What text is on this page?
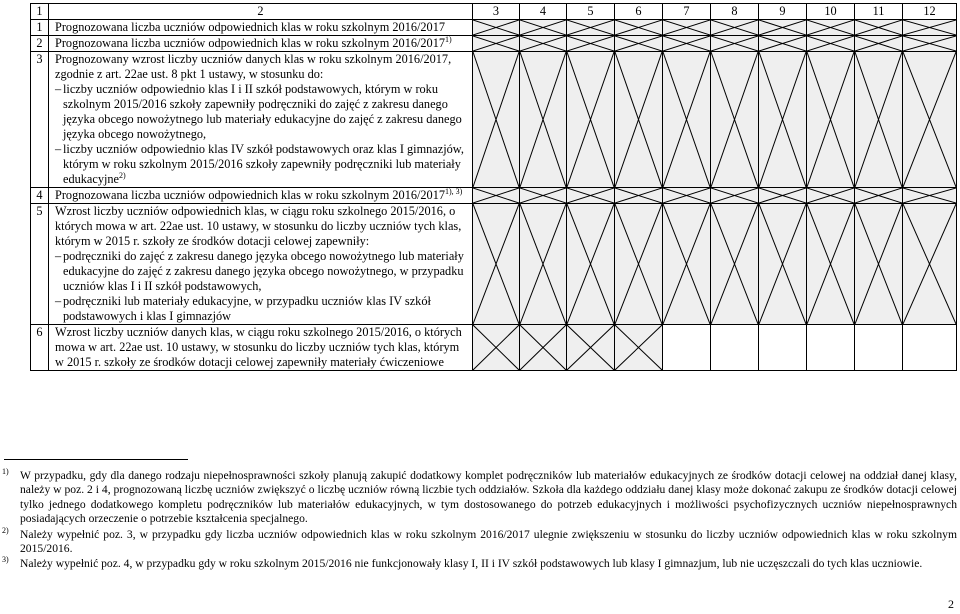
1	2	3	4	5	6	7	8	9	10	11	12
1	Prognozowana liczba uczniów odpowiednich klas w roku szkolnym 2016/2017

2	Prognozowana liczba uczniów odpowiednich klas w roku szkolnym 2016/2017$^{1)}$

3	Prognozowany wzrost liczby uczniów danych klas w roku szkolnym 2016/2017, zgodnie z art. 22ae ust. 8 pkt 1 ustawy, w stosunku do:

– liczby uczniów odpowiednio klas I i II szkół podstawowych, którym w roku szkolnym 2015/2016 szkoły zapewniły podręczniki do zajęć z zakresu danego języka obcego nowożytnego lub materiały edukacyjne do zajęć z zakresu danego języka obcego nowożytnego,
– liczby uczniów odpowiednio klas IV szkół podstawowych oraz klas I gimnazjów, którym w roku szkolnym 2015/2016 szkoły zapewniły podręczniki lub materiały edukacyjne$^{2)}$

4	Prognozowana liczba uczniów odpowiednich klas w roku szkolnym $2016/2017^{1), 3)}$

5	Wzrost liczby uczniów odpowiednich klas, w ciągu roku szkolnego 2015/2016, o których mowa w art. 22ae ust. 10 ustawy, w stosunku do liczby uczniów tych klas, którym w 2015 r. szkoły ze środków dotacji celowej zapewniły:

– podręczniki do zajęć z zakresu danego języka obcego nowożytnego lub materiały edukacyjne do zajęć z zakresu danego języka obcego nowożytnego, w przypadku uczniów klas I i II szkół podstawowych,
– podręczniki lub materiały edukacyjne, w przypadku uczniów klas IV szkół podstawowych i klas I gimnazjów

6	Wzrost liczby uczniów danych klas, w ciągu roku szkolnego 2015/2016, o których mowa w art. 22ae ust. 10 ustawy, w stosunku do liczby uczniów tych klas, którym w 2015 r. szkoły ze środków dotacji celowej zapewniły materiały ćwiczeniowe

1) W przypadku, gdy dla danego rodzaju niepełnosprawności szkoły planują zakupić dodatkowy komplet podręczników lub materiałów edukacyjnych ze środków dotacji celowej na oddział danej klasy, należy w poz. 2 i 4, prognozowaną liczbę uczniów zwiększyć o liczbę uczniów równą liczbie tych oddziałów. Szkoła dla każdego oddziału danej klasy może dokonać zakupu ze środków dotacji celowej tylko jednego dodatkowego kompletu podręczników lub materiałów edukacyjnych, w tym dostosowanego do potrzeb edukacyjnych i możliwości psychofizycznych uczniów niepełnosprawnych posiadających orzeczenie o potrzebie kształcenia specjalnego.
2) Należy wypełnić poz. 3, w przypadku gdy liczba uczniów odpowiednich klas w roku szkolnym 2016/2017 ulegnie zwiększeniu w stosunku do liczby uczniów odpowiednich klas w roku szkolnym 2015/2016.
3) Należy wypełnić poz. 4, w przypadku gdy w roku szkolnym 2015/2016 nie funkcjonowały klasy I, II i IV szkół podstawowych lub klasy I gimnazjum, lub nie uczęszczali do tych klas uczniowie.
2
